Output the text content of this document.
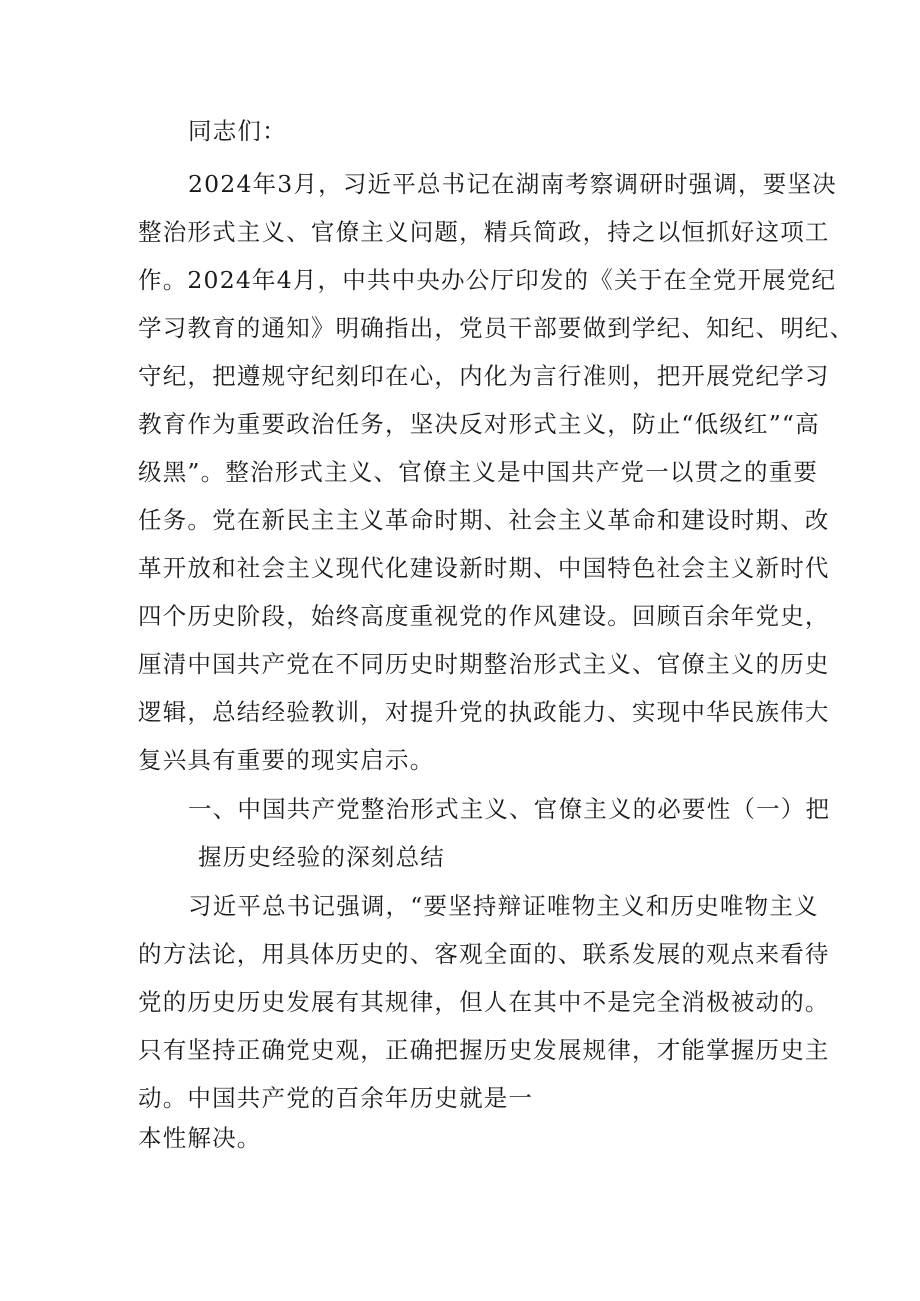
同志们：
2024年3月，习近平总书记在湖南考察调研时强调，要坚决
整治形式主义、官僚主义问题，精兵简政，持之以恒抓好这项工
作。2024年4月，中共中央办公厅印发的《关于在全党开展党纪
学习教育的通知》明确指出，党员干部要做到学纪、知纪、明纪、
守纪，把遵规守纪刻印在心，内化为言行准则，把开展党纪学习
教育作为重要政治任务，坚决反对形式主义，防止“低级红”“高
级黑”。整治形式主义、官僚主义是中国共产党一以贯之的重要
任务。党在新民主主义革命时期、社会主义革命和建设时期、改
革开放和社会主义现代化建设新时期、中国特色社会主义新时代
四个历史阶段，始终高度重视党的作风建设。回顾百余年党史，
厘清中国共产党在不同历史时期整治形式主义、官僚主义的历史
逻辑，总结经验教训，对提升党的执政能力、实现中华民族伟大
复兴具有重要的现实启示。
一、中国共产党整治形式主义、官僚主义的必要性（一）把
握历史经验的深刻总结
习近平总书记强调，“要坚持辩证唯物主义和历史唯物主义
的方法论，用具体历史的、客观全面的、联系发展的观点来看待
党的历史历史发展有其规律，但人在其中不是完全消极被动的。
只有坚持正确党史观，正确把握历史发展规律，才能掌握历史主
动。中国共产党的百余年历史就是一
本性解决。
